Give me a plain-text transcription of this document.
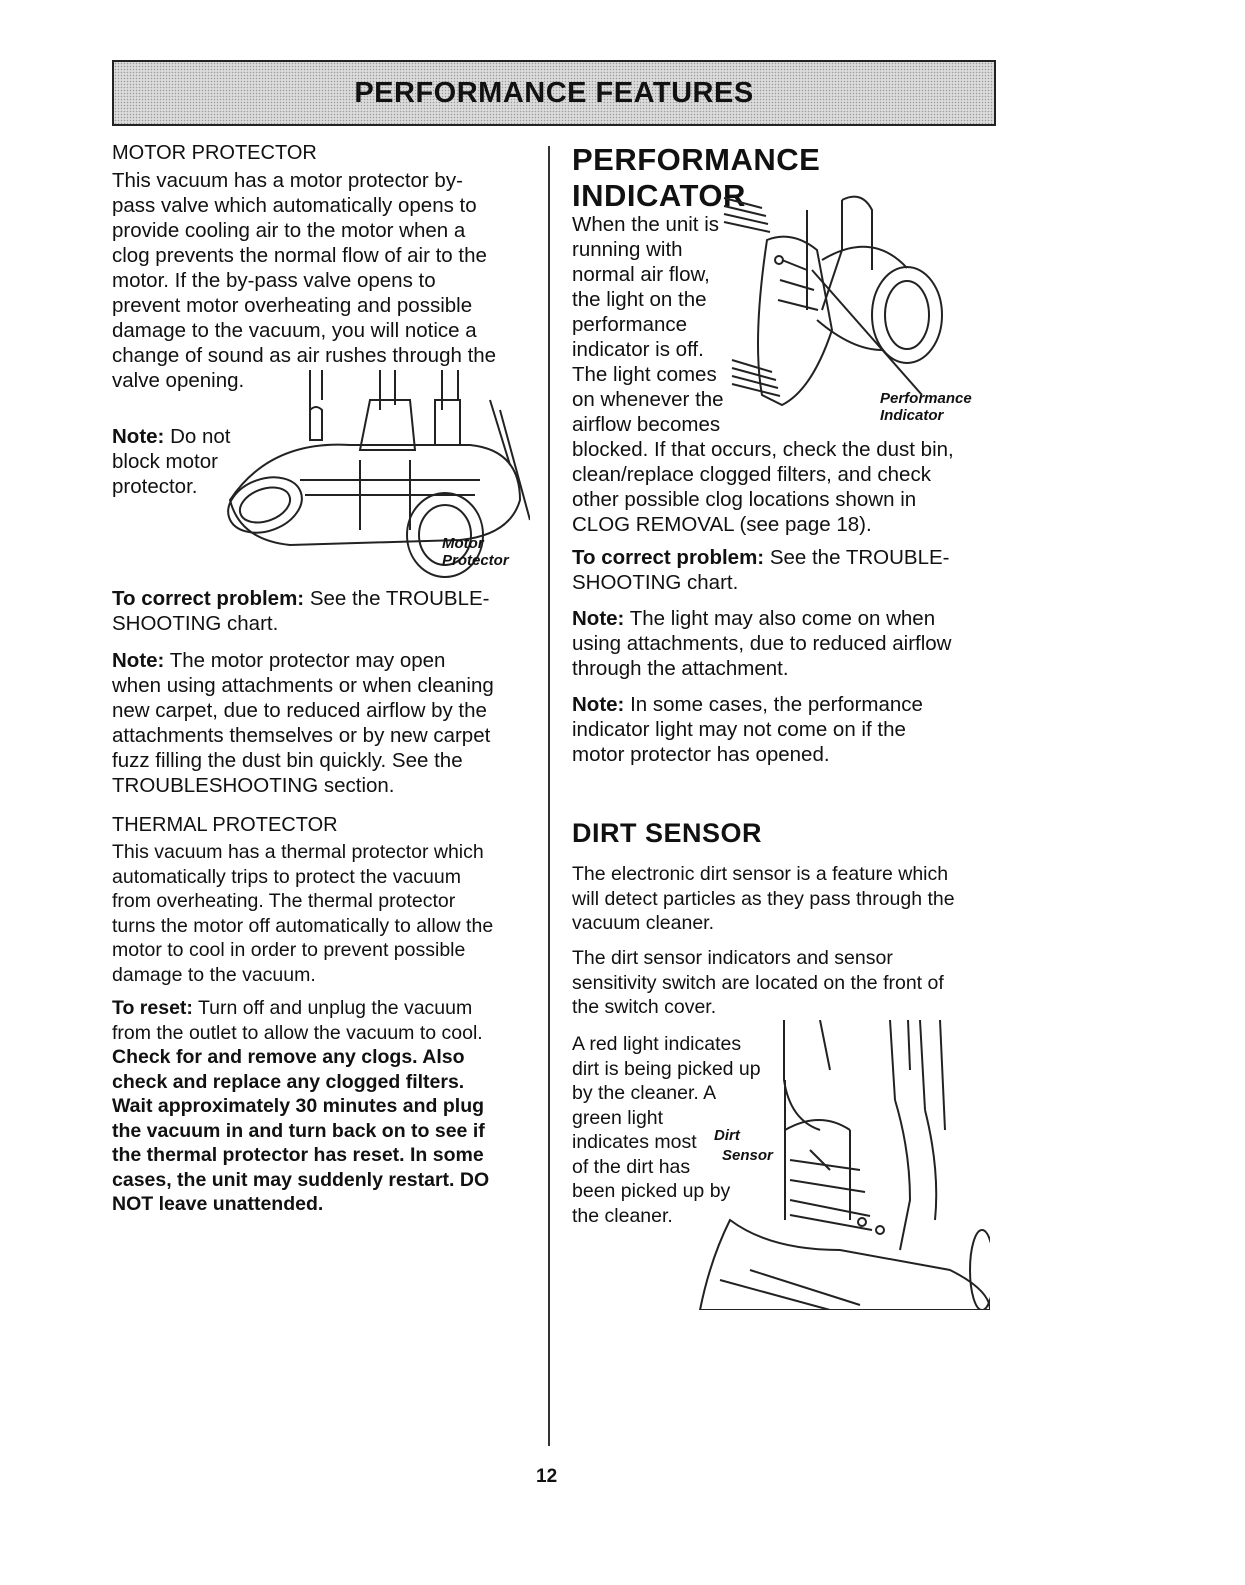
PERFORMANCE FEATURES

MOTOR PROTECTOR

This vacuum has a motor protector by-
pass valve which automatically opens to
provide cooling air to the motor when a
clog prevents the normal flow of air to the
motor. If the by-pass valve opens to
prevent motor overheating and possible
damage to the vacuum, you will notice a
change of sound as air rushes through the
valve opening.

Note: Do not
block motor
protector.

Motor
Protector

To correct problem: See the TROUBLE-
SHOOTING chart.

Note: The motor protector may open
when using attachments or when cleaning
new carpet, due to reduced airflow by the
attachments themselves or by new carpet
fuzz filling the dust bin quickly. See the
TROUBLESHOOTING section.

THERMAL PROTECTOR

This vacuum has a thermal protector which
automatically trips to protect the vacuum
from overheating. The thermal protector
turns the motor off automatically to allow the
motor to cool in order to prevent possible
damage to the vacuum.

To reset: Turn off and unplug the vacuum
from the outlet to allow the vacuum to cool.
Check for and remove any clogs. Also
check and replace any clogged filters.
Wait approximately 30 minutes and plug
the vacuum in and turn back on to see if
the thermal protector has reset. In some
cases, the unit may suddenly restart. DO
NOT leave unattended.

PERFORMANCE INDICATOR

When the unit is
running with
normal air flow,
the light on the
performance
indicator is off.
The light comes
on whenever the
airflow becomes

Performance
Indicator

blocked. If that occurs, check the dust bin,
clean/replace clogged filters, and check
other possible clog locations shown in
CLOG REMOVAL (see page 18).

To correct problem: See the TROUBLE-
SHOOTING chart.

Note: The light may also come on when
using attachments, due to reduced airflow
through the attachment.

Note: In some cases, the performance
indicator light may not come on if the
motor protector has opened.

DIRT SENSOR

The electronic dirt sensor is a feature which
will detect particles as they pass through the
vacuum cleaner.

The dirt sensor indicators and sensor
sensitivity switch are located on the front of
the switch cover.

A red light indicates
dirt is being picked up
by the cleaner. A
green light
indicates most
of the dirt has
been picked up by
the cleaner.

Dirt

Sensor

12
